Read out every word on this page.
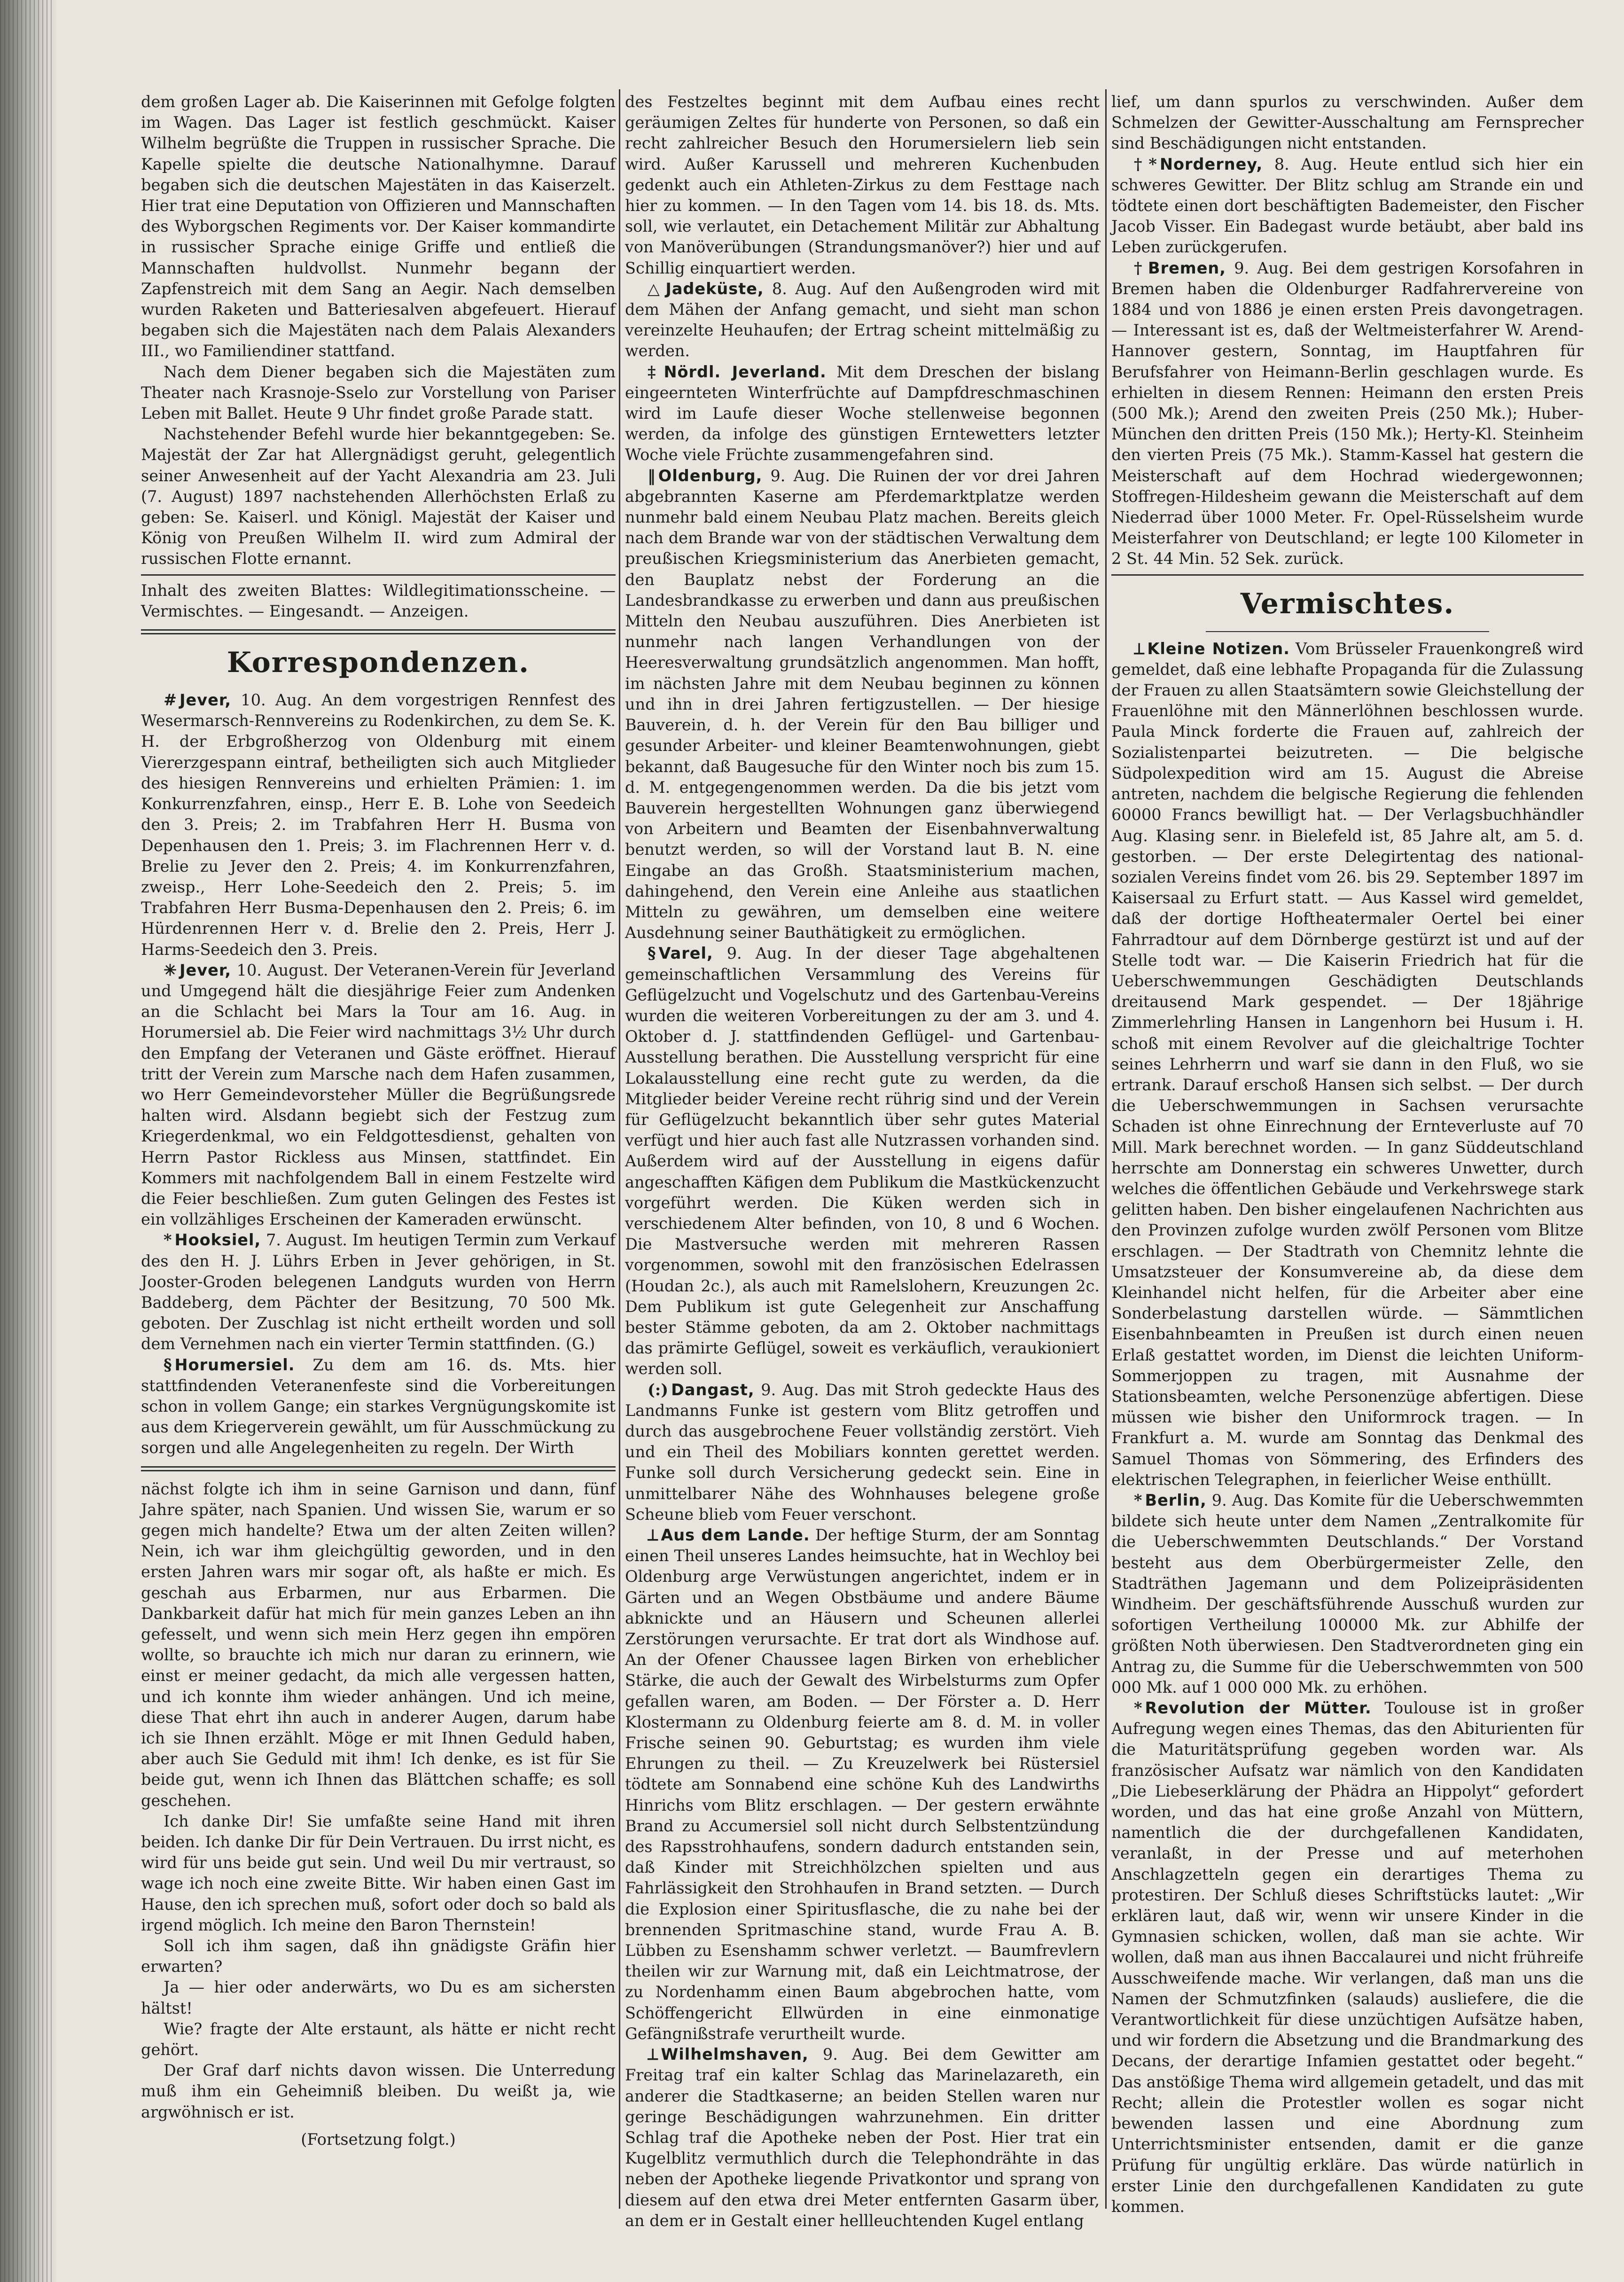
dem großen Lager ab. Die Kaiserinnen mit Gefolge folgten im Wagen. Das Lager ist festlich geschmückt. Kaiser Wilhelm begrüßte die Truppen in russischer Sprache. Die Kapelle spielte die deutsche Nationalhymne. Darauf begaben sich die deutschen Majestäten in das Kaiserzelt. Hier trat eine Deputation von Offizieren und Mannschaften des Wyborgschen Regiments vor. Der Kaiser kommandirte in russischer Sprache einige Griffe und entließ die Mannschaften huldvollst. Nunmehr begann der Zapfenstreich mit dem Sang an Aegir. Nach demselben wurden Raketen und Batteriesalven abgefeuert. Hierauf begaben sich die Majestäten nach dem Palais Alexanders III., wo Familiendiner stattfand.

Nach dem Diener begaben sich die Majestäten zum Theater nach Krasnoje-Sselo zur Vorstellung von Pariser Leben mit Ballet. Heute 9 Uhr findet große Parade statt.

Nachstehender Befehl wurde hier bekanntgegeben: Se. Majestät der Zar hat Allergnädigst geruht, gelegentlich seiner Anwesenheit auf der Yacht Alexandria am 23. Juli (7. August) 1897 nachstehenden Allerhöchsten Erlaß zu geben: Se. Kaiserl. und Königl. Majestät der Kaiser und König von Preußen Wilhelm II. wird zum Admiral der russischen Flotte ernannt.

Inhalt des zweiten Blattes: Wildlegitimationsscheine. — Vermischtes. — Eingesandt. — Anzeigen.

Korrespondenzen.

# Jever, 10. Aug. An dem vorgestrigen Rennfest des Wesermarsch-Rennvereins zu Rodenkirchen, zu dem Se. K. H. der Erbgroßherzog von Oldenburg mit einem Viererzgespann eintraf, betheiligten sich auch Mitglieder des hiesigen Rennvereins und erhielten Prämien: 1. im Konkurrenzfahren, einsp., Herr E. B. Lohe von Seedeich den 3. Preis; 2. im Trabfahren Herr H. Busma von Depenhausen den 1. Preis; 3. im Flachrennen Herr v. d. Brelie zu Jever den 2. Preis; 4. im Konkurrenzfahren, zweisp., Herr Lohe-Seedeich den 2. Preis; 5. im Trabfahren Herr Busma-Depenhausen den 2. Preis; 6. im Hürdenrennen Herr v. d. Brelie den 2. Preis, Herr J. Harms-Seedeich den 3. Preis.

✳ Jever, 10. August. Der Veteranen-Verein für Jeverland und Umgegend hält die diesjährige Feier zum Andenken an die Schlacht bei Mars la Tour am 16. Aug. in Horumersiel ab. Die Feier wird nachmittags 3½ Uhr durch den Empfang der Veteranen und Gäste eröffnet. Hierauf tritt der Verein zum Marsche nach dem Hafen zusammen, wo Herr Gemeindevorsteher Müller die Begrüßungsrede halten wird. Alsdann begiebt sich der Festzug zum Kriegerdenkmal, wo ein Feldgottesdienst, gehalten von Herrn Pastor Rickless aus Minsen, stattfindet. Ein Kommers mit nachfolgendem Ball in einem Festzelte wird die Feier beschließen. Zum guten Gelingen des Festes ist ein vollzähliges Erscheinen der Kameraden erwünscht.

* Hooksiel, 7. August. Im heutigen Termin zum Verkauf des den H. J. Lührs Erben in Jever gehörigen, in St. Jooster-Groden belegenen Landguts wurden von Herrn Baddeberg, dem Pächter der Besitzung, 70 500 Mk. geboten. Der Zuschlag ist nicht ertheilt worden und soll dem Vernehmen nach ein vierter Termin stattfinden. (G.)

§ Horumersiel. Zu dem am 16. ds. Mts. hier stattfindenden Veteranenfeste sind die Vorbereitungen schon in vollem Gange; ein starkes Vergnügungskomite ist aus dem Kriegerverein gewählt, um für Ausschmückung zu sorgen und alle Angelegenheiten zu regeln. Der Wirth

nächst folgte ich ihm in seine Garnison und dann, fünf Jahre später, nach Spanien. Und wissen Sie, warum er so gegen mich handelte? Etwa um der alten Zeiten willen? Nein, ich war ihm gleichgültig geworden, und in den ersten Jahren wars mir sogar oft, als haßte er mich. Es geschah aus Erbarmen, nur aus Erbarmen. Die Dankbarkeit dafür hat mich für mein ganzes Leben an ihn gefesselt, und wenn sich mein Herz gegen ihn empören wollte, so brauchte ich mich nur daran zu erinnern, wie einst er meiner gedacht, da mich alle vergessen hatten, und ich konnte ihm wieder anhängen. Und ich meine, diese That ehrt ihn auch in anderer Augen, darum habe ich sie Ihnen erzählt. Möge er mit Ihnen Geduld haben, aber auch Sie Geduld mit ihm! Ich denke, es ist für Sie beide gut, wenn ich Ihnen das Blättchen schaffe; es soll geschehen.

Ich danke Dir! Sie umfaßte seine Hand mit ihren beiden. Ich danke Dir für Dein Vertrauen. Du irrst nicht, es wird für uns beide gut sein. Und weil Du mir vertraust, so wage ich noch eine zweite Bitte. Wir haben einen Gast im Hause, den ich sprechen muß, sofort oder doch so bald als irgend möglich. Ich meine den Baron Thernstein!

Soll ich ihm sagen, daß ihn gnädigste Gräfin hier erwarten?

Ja — hier oder anderwärts, wo Du es am sichersten hältst!

Wie? fragte der Alte erstaunt, als hätte er nicht recht gehört.

Der Graf darf nichts davon wissen. Die Unterredung muß ihm ein Geheimniß bleiben. Du weißt ja, wie argwöhnisch er ist.

(Fortsetzung folgt.)

des Festzeltes beginnt mit dem Aufbau eines recht geräumigen Zeltes für hunderte von Personen, so daß ein recht zahlreicher Besuch den Horumersielern lieb sein wird. Außer Karussell und mehreren Kuchenbuden gedenkt auch ein Athleten-Zirkus zu dem Festtage nach hier zu kommen. — In den Tagen vom 14. bis 18. ds. Mts. soll, wie verlautet, ein Detachement Militär zur Abhaltung von Manöverübungen (Strandungsmanöver?) hier und auf Schillig einquartiert werden.

△ Jadeküste, 8. Aug. Auf den Außengroden wird mit dem Mähen der Anfang gemacht, und sieht man schon vereinzelte Heuhaufen; der Ertrag scheint mittelmäßig zu werden.

‡ Nördl. Jeverland. Mit dem Dreschen der bislang eingeernteten Winterfrüchte auf Dampfdreschmaschinen wird im Laufe dieser Woche stellenweise begonnen werden, da infolge des günstigen Erntewetters letzter Woche viele Früchte zusammengefahren sind.

‖ Oldenburg, 9. Aug. Die Ruinen der vor drei Jahren abgebrannten Kaserne am Pferdemarktplatze werden nunmehr bald einem Neubau Platz machen. Bereits gleich nach dem Brande war von der städtischen Verwaltung dem preußischen Kriegsministerium das Anerbieten gemacht, den Bauplatz nebst der Forderung an die Landesbrandkasse zu erwerben und dann aus preußischen Mitteln den Neubau auszuführen. Dies Anerbieten ist nunmehr nach langen Verhandlungen von der Heeresverwaltung grundsätzlich angenommen. Man hofft, im nächsten Jahre mit dem Neubau beginnen zu können und ihn in drei Jahren fertigzustellen. — Der hiesige Bauverein, d. h. der Verein für den Bau billiger und gesunder Arbeiter- und kleiner Beamtenwohnungen, giebt bekannt, daß Baugesuche für den Winter noch bis zum 15. d. M. entgegengenommen werden. Da die bis jetzt vom Bauverein hergestellten Wohnungen ganz überwiegend von Arbeitern und Beamten der Eisenbahnverwaltung benutzt werden, so will der Vorstand laut B. N. eine Eingabe an das Großh. Staatsministerium machen, dahingehend, den Verein eine Anleihe aus staatlichen Mitteln zu gewähren, um demselben eine weitere Ausdehnung seiner Bauthätigkeit zu ermöglichen.

§ Varel, 9. Aug. In der dieser Tage abgehaltenen gemeinschaftlichen Versammlung des Vereins für Geflügelzucht und Vogelschutz und des Gartenbau-Vereins wurden die weiteren Vorbereitungen zu der am 3. und 4. Oktober d. J. stattfindenden Geflügel- und Gartenbau-Ausstellung berathen. Die Ausstellung verspricht für eine Lokalausstellung eine recht gute zu werden, da die Mitglieder beider Vereine recht rührig sind und der Verein für Geflügelzucht bekanntlich über sehr gutes Material verfügt und hier auch fast alle Nutzrassen vorhanden sind. Außerdem wird auf der Ausstellung in eigens dafür angeschafften Käfigen dem Publikum die Mastkückenzucht vorgeführt werden. Die Küken werden sich in verschiedenem Alter befinden, von 10, 8 und 6 Wochen. Die Mastversuche werden mit mehreren Rassen vorgenommen, sowohl mit den französischen Edelrassen (Houdan 2c.), als auch mit Ramelslohern, Kreuzungen 2c. Dem Publikum ist gute Gelegenheit zur Anschaffung bester Stämme geboten, da am 2. Oktober nachmittags das prämirte Geflügel, soweit es verkäuflich, veraukioniert werden soll.

(:) Dangast, 9. Aug. Das mit Stroh gedeckte Haus des Landmanns Funke ist gestern vom Blitz getroffen und durch das ausgebrochene Feuer vollständig zerstört. Vieh und ein Theil des Mobiliars konnten gerettet werden. Funke soll durch Versicherung gedeckt sein. Eine in unmittelbarer Nähe des Wohnhauses belegene große Scheune blieb vom Feuer verschont.

⟂ Aus dem Lande. Der heftige Sturm, der am Sonntag einen Theil unseres Landes heimsuchte, hat in Wechloy bei Oldenburg arge Verwüstungen angerichtet, indem er in Gärten und an Wegen Obstbäume und andere Bäume abknickte und an Häusern und Scheunen allerlei Zerstörungen verursachte. Er trat dort als Windhose auf. An der Ofener Chaussee lagen Birken von erheblicher Stärke, die auch der Gewalt des Wirbelsturms zum Opfer gefallen waren, am Boden. — Der Förster a. D. Herr Klostermann zu Oldenburg feierte am 8. d. M. in voller Frische seinen 90. Geburtstag; es wurden ihm viele Ehrungen zu theil. — Zu Kreuzelwerk bei Rüstersiel tödtete am Sonnabend eine schöne Kuh des Landwirths Hinrichs vom Blitz erschlagen. — Der gestern erwähnte Brand zu Accumersiel soll nicht durch Selbstentzündung des Rapsstrohhaufens, sondern dadurch entstanden sein, daß Kinder mit Streichhölzchen spielten und aus Fahrlässigkeit den Strohhaufen in Brand setzten. — Durch die Explosion einer Spiritusflasche, die zu nahe bei der brennenden Spritmaschine stand, wurde Frau A. B. Lübben zu Esenshamm schwer verletzt. — Baumfrevlern theilen wir zur Warnung mit, daß ein Leichtmatrose, der zu Nordenhamm einen Baum abgebrochen hatte, vom Schöffengericht Ellwürden in eine einmonatige Gefängnißstrafe verurtheilt wurde.

⟂ Wilhelmshaven, 9. Aug. Bei dem Gewitter am Freitag traf ein kalter Schlag das Marinelazareth, ein anderer die Stadtkaserne; an beiden Stellen waren nur geringe Beschädigungen wahrzunehmen. Ein dritter Schlag traf die Apotheke neben der Post. Hier trat ein Kugelblitz vermuthlich durch die Telephondrähte in das neben der Apotheke liegende Privatkontor und sprang von diesem auf den etwa drei Meter entfernten Gasarm über, an dem er in Gestalt einer hellleuchtenden Kugel entlang

lief, um dann spurlos zu verschwinden. Außer dem Schmelzen der Gewitter-Ausschaltung am Fernsprecher sind Beschädigungen nicht entstanden.

†* Norderney, 8. Aug. Heute entlud sich hier ein schweres Gewitter. Der Blitz schlug am Strande ein und tödtete einen dort beschäftigten Bademeister, den Fischer Jacob Visser. Ein Badegast wurde betäubt, aber bald ins Leben zurückgerufen.

† Bremen, 9. Aug. Bei dem gestrigen Korsofahren in Bremen haben die Oldenburger Radfahrervereine von 1884 und von 1886 je einen ersten Preis davongetragen. — Interessant ist es, daß der Weltmeisterfahrer W. Arend-Hannover gestern, Sonntag, im Hauptfahren für Berufsfahrer von Heimann-Berlin geschlagen wurde. Es erhielten in diesem Rennen: Heimann den ersten Preis (500 Mk.); Arend den zweiten Preis (250 Mk.); Huber-München den dritten Preis (150 Mk.); Herty-Kl. Steinheim den vierten Preis (75 Mk.). Stamm-Kassel hat gestern die Meisterschaft auf dem Hochrad wiedergewonnen; Stoffregen-Hildesheim gewann die Meisterschaft auf dem Niederrad über 1000 Meter. Fr. Opel-Rüsselsheim wurde Meisterfahrer von Deutschland; er legte 100 Kilometer in 2 St. 44 Min. 52 Sek. zurück.

Vermischtes.

⟂ Kleine Notizen. Vom Brüsseler Frauenkongreß wird gemeldet, daß eine lebhafte Propaganda für die Zulassung der Frauen zu allen Staatsämtern sowie Gleichstellung der Frauenlöhne mit den Männerlöhnen beschlossen wurde. Paula Minck forderte die Frauen auf, zahlreich der Sozialistenpartei beizutreten. — Die belgische Südpolexpedition wird am 15. August die Abreise antreten, nachdem die belgische Regierung die fehlenden 60000 Francs bewilligt hat. — Der Verlagsbuchhändler Aug. Klasing senr. in Bielefeld ist, 85 Jahre alt, am 5. d. gestorben. — Der erste Delegirtentag des national-sozialen Vereins findet vom 26. bis 29. September 1897 im Kaisersaal zu Erfurt statt. — Aus Kassel wird gemeldet, daß der dortige Hoftheatermaler Oertel bei einer Fahrradtour auf dem Dörnberge gestürzt ist und auf der Stelle todt war. — Die Kaiserin Friedrich hat für die Ueberschwemmungen Geschädigten Deutschlands dreitausend Mark gespendet. — Der 18jährige Zimmerlehrling Hansen in Langenhorn bei Husum i. H. schoß mit einem Revolver auf die gleichaltrige Tochter seines Lehrherrn und warf sie dann in den Fluß, wo sie ertrank. Darauf erschoß Hansen sich selbst. — Der durch die Ueberschwemmungen in Sachsen verursachte Schaden ist ohne Einrechnung der Ernteverluste auf 70 Mill. Mark berechnet worden. — In ganz Süddeutschland herrschte am Donnerstag ein schweres Unwetter, durch welches die öffentlichen Gebäude und Verkehrswege stark gelitten haben. Den bisher eingelaufenen Nachrichten aus den Provinzen zufolge wurden zwölf Personen vom Blitze erschlagen. — Der Stadtrath von Chemnitz lehnte die Umsatzsteuer der Konsumvereine ab, da diese dem Kleinhandel nicht helfen, für die Arbeiter aber eine Sonderbelastung darstellen würde. — Sämmtlichen Eisenbahnbeamten in Preußen ist durch einen neuen Erlaß gestattet worden, im Dienst die leichten Uniform-Sommerjoppen zu tragen, mit Ausnahme der Stationsbeamten, welche Personenzüge abfertigen. Diese müssen wie bisher den Uniformrock tragen. — In Frankfurt a. M. wurde am Sonntag das Denkmal des Samuel Thomas von Sömmering, des Erfinders des elektrischen Telegraphen, in feierlicher Weise enthüllt.

* Berlin, 9. Aug. Das Komite für die Ueberschwemmten bildete sich heute unter dem Namen „Zentralkomite für die Ueberschwemmten Deutschlands.“ Der Vorstand besteht aus dem Oberbürgermeister Zelle, den Stadträthen Jagemann und dem Polizeipräsidenten Windheim. Der geschäftsführende Ausschuß wurden zur sofortigen Vertheilung 100000 Mk. zur Abhilfe der größten Noth überwiesen. Den Stadtverordneten ging ein Antrag zu, die Summe für die Ueberschwemmten von 500 000 Mk. auf 1 000 000 Mk. zu erhöhen.

* Revolution der Mütter. Toulouse ist in großer Aufregung wegen eines Themas, das den Abiturienten für die Maturitätsprüfung gegeben worden war. Als französischer Aufsatz war nämlich von den Kandidaten „Die Liebeserklärung der Phädra an Hippolyt“ gefordert worden, und das hat eine große Anzahl von Müttern, namentlich die der durchgefallenen Kandidaten, veranlaßt, in der Presse und auf meterhohen Anschlagzetteln gegen ein derartiges Thema zu protestiren. Der Schluß dieses Schriftstücks lautet: „Wir erklären laut, daß wir, wenn wir unsere Kinder in die Gymnasien schicken, wollen, daß man sie achte. Wir wollen, daß man aus ihnen Baccalaurei und nicht frühreife Ausschweifende mache. Wir verlangen, daß man uns die Namen der Schmutzfinken (salauds) ausliefere, die die Verantwortlichkeit für diese unzüchtigen Aufsätze haben, und wir fordern die Absetzung und die Brandmarkung des Decans, der derartige Infamien gestattet oder begeht.“ Das anstößige Thema wird allgemein getadelt, und das mit Recht; allein die Protestler wollen es sogar nicht bewenden lassen und eine Abordnung zum Unterrichtsminister entsenden, damit er die ganze Prüfung für ungültig erkläre. Das würde natürlich in erster Linie den durchgefallenen Kandidaten zu gute kommen.
